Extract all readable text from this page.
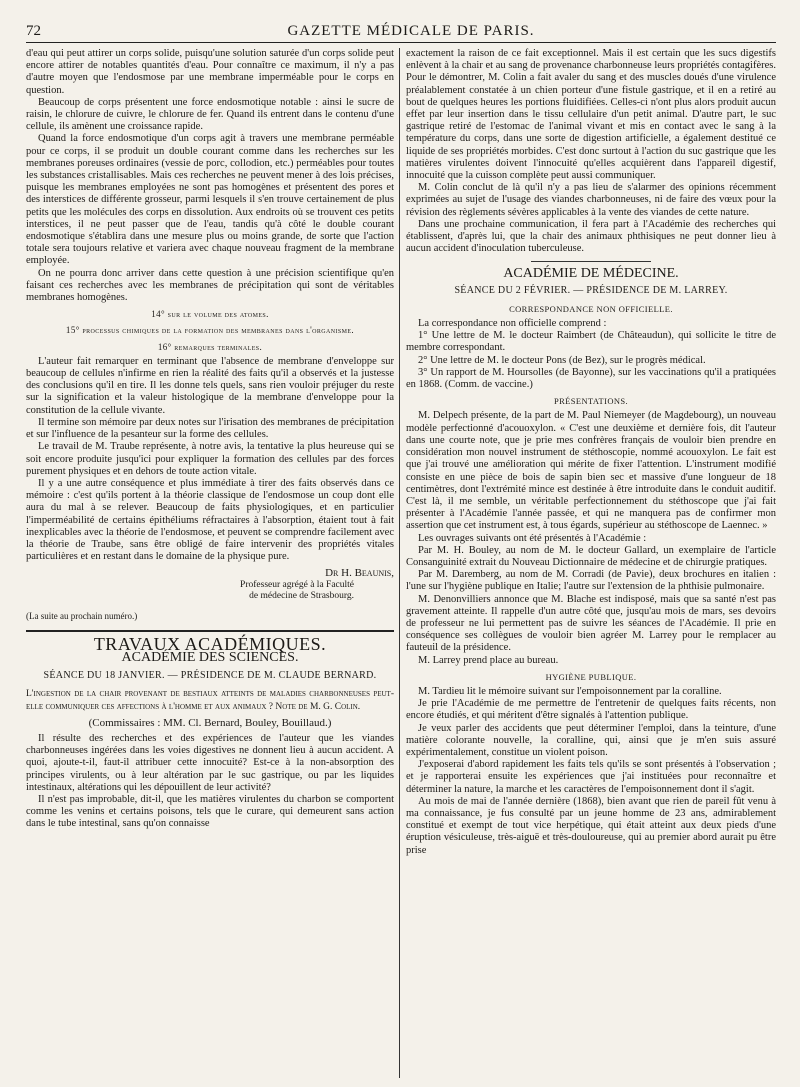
72	GAZETTE MÉDICALE DE PARIS.

d'eau qui peut attirer un corps solide, puisqu'une solution saturée d'un corps solide peut encore attirer de notables quantités d'eau. Pour connaître ce maximum, il n'y a pas d'autre moyen que l'endosmose par une membrane imperméable pour le corps en question.

Beaucoup de corps présentent une force endosmotique notable : ainsi le sucre de raisin, le chlorure de cuivre, le chlorure de fer. Quand ils entrent dans le contenu d'une cellule, ils amènent une croissance rapide.

Quand la force endosmotique d'un corps agit à travers une membrane perméable pour ce corps, il se produit un double courant comme dans les recherches sur les membranes poreuses ordinaires (vessie de porc, collodion, etc.) perméables pour toutes les substances cristallisables. Mais ces recherches ne peuvent mener à des lois précises, puisque les membranes employées ne sont pas homogènes et présentent des pores et des interstices de différente grosseur, parmi lesquels il s'en trouve certainement de plus petits que les molécules des corps en dissolution. Aux endroits où se trouvent ces petits interstices, il ne peut passer que de l'eau, tandis qu'à côté le double courant endosmotique s'établira dans une mesure plus ou moins grande, de sorte que l'action totale sera toujours relative et variera avec chaque nouveau fragment de la membrane employée.

On ne pourra donc arriver dans cette question à une précision scientifique qu'en faisant ces recherches avec les membranes de précipitation qui sont de véritables membranes homogènes.

14° sur le volume des atomes.
15° processus chimiques de la formation des membranes dans l'organisme.
16° remarques terminales.

L'auteur fait remarquer en terminant que l'absence de membrane d'enveloppe sur beaucoup de cellules n'infirme en rien la réalité des faits qu'il a observés et la justesse des conclusions qu'il en tire. Il les donne tels quels, sans rien vouloir préjuger du reste sur la signification et la valeur histologique de la membrane d'enveloppe pour la constitution de la cellule vivante.

Il termine son mémoire par deux notes sur l'irisation des membranes de précipitation et sur l'influence de la pesanteur sur la forme des cellules.

Le travail de M. Traube représente, à notre avis, la tentative la plus heureuse qui se soit encore produite jusqu'ici pour expliquer la formation des cellules par des forces purement physiques et en dehors de toute action vitale.

Il y a une autre conséquence et plus immédiate à tirer des faits observés dans ce mémoire : c'est qu'ils portent à la théorie classique de l'endosmose un coup dont elle aura du mal à se relever. Beaucoup de faits physiologiques, et en particulier l'imperméabilité de certains épithéliums réfractaires à l'absorption, étaient tout à fait inexplicables avec la théorie de l'endosmose, et peuvent se comprendre facilement avec la théorie de Traube, sans être obligé de faire intervenir des propriétés vitales particulières et en restant dans le domaine de la physique pure.

Dr H. Beaunis,
Professeur agrégé à la Faculté
de médecine de Strasbourg.
(La suite au prochain numéro.)
TRAVAUX ACADÉMIQUES.
ACADÉMIE DES SCIENCES.
SÉANCE DU 18 JANVIER. — PRÉSIDENCE DE M. CLAUDE BERNARD.

L'ingestion de la chair provenant de bestiaux atteints de maladies charbonneuses peut-elle communiquer ces affections à l'homme et aux animaux ? Note de M. G. Colin.

(Commissaires : MM. Cl. Bernard, Bouley, Bouillaud.)

Il résulte des recherches et des expériences de l'auteur que les viandes charbonneuses ingérées dans les voies digestives ne donnent lieu à aucun accident. A quoi, ajoute-t-il, faut-il attribuer cette innocuité? Est-ce à la non-absorption des principes virulents, ou à leur altération par le suc gastrique, ou par les liquides intestinaux, altérations qui les dépouillent de leur activité?

Il n'est pas improbable, dit-il, que les matières virulentes du charbon se comportent comme les venins et certains poisons, tels que le curare, qui demeurent sans action dans le tube intestinal, sans qu'on connaisse

exactement la raison de ce fait exceptionnel. Mais il est certain que les sucs digestifs enlèvent à la chair et au sang de provenance charbonneuse leurs propriétés contagifères. Pour le démontrer, M. Colin a fait avaler du sang et des muscles doués d'une virulence préalablement constatée à un chien porteur d'une fistule gastrique, et il en a retiré au bout de quelques heures les portions fluidifiées. Celles-ci n'ont plus alors produit aucun effet par leur insertion dans le tissu cellulaire d'un petit animal. D'autre part, le suc gastrique retiré de l'estomac de l'animal vivant et mis en contact avec le sang à la température du corps, dans une sorte de digestion artificielle, a également destitué ce liquide de ses propriétés morbides. C'est donc surtout à l'action du suc gastrique que les matières virulentes doivent l'innocuité qu'elles acquièrent dans l'appareil digestif, innocuité que la cuisson complète peut aussi communiquer.

M. Colin conclut de là qu'il n'y a pas lieu de s'alarmer des opinions récemment exprimées au sujet de l'usage des viandes charbonneuses, ni de faire des vœux pour la révision des règlements sévères applicables à la vente des viandes de cette nature.

Dans une prochaine communication, il fera part à l'Académie des recherches qui établissent, d'après lui, que la chair des animaux phthisiques ne peut donner lieu à aucun accident d'inoculation tuberculeuse.

ACADÉMIE DE MÉDECINE.
SÉANCE DU 2 FÉVRIER. — PRÉSIDENCE DE M. LARREY.
CORRESPONDANCE NON OFFICIELLE.

La correspondance non officielle comprend :

1° Une lettre de M. le docteur Raimbert (de Châteaudun), qui sollicite le titre de membre correspondant.

2° Une lettre de M. le docteur Pons (de Bez), sur le progrès médical.

3° Un rapport de M. Hoursolles (de Bayonne), sur les vaccinations qu'il a pratiquées en 1868. (Comm. de vaccine.)

PRÉSENTATIONS.

M. Delpech présente, de la part de M. Paul Niemeyer (de Magdebourg), un nouveau modèle perfectionné d'acouoxylon. « C'est une deuxième et dernière fois, dit l'auteur dans une courte note, que je prie mes confrères français de vouloir bien prendre en considération mon nouvel instrument de stéthoscopie, nommé acouoxylon. Le fait est que j'ai trouvé une amélioration qui mérite de fixer l'attention. L'instrument modifié consiste en une pièce de bois de sapin bien sec et massive d'une longueur de 18 centimètres, dont l'extrémité mince est destinée à être introduite dans le conduit auditif. C'est là, il me semble, un véritable perfectionnement du stéthoscope que j'ai fait présenter à l'Académie l'année passée, et qui ne manquera pas de confirmer mon assertion que cet instrument est, à tous égards, supérieur au stéthoscope de Laennec. »

Les ouvrages suivants ont été présentés à l'Académie :

Par M. H. Bouley, au nom de M. le docteur Gallard, un exemplaire de l'article Consanguinité extrait du Nouveau Dictionnaire de médecine et de chirurgie pratiques.

Par M. Daremberg, au nom de M. Corradi (de Pavie), deux brochures en italien : l'une sur l'hygiène publique en Italie; l'autre sur l'extension de la phthisie pulmonaire.

M. Denonvilliers annonce que M. Blache est indisposé, mais que sa santé n'est pas gravement atteinte. Il rappelle d'un autre côté que, jusqu'au mois de mars, ses devoirs de professeur ne lui permettent pas de suivre les séances de l'Académie. Il prie en conséquence ses collègues de vouloir bien agréer M. Larrey pour le remplacer au fauteuil de la présidence.

M. Larrey prend place au bureau.

HYGIÈNE PUBLIQUE.

M. Tardieu lit le mémoire suivant sur l'empoisonnement par la coralline.

Je prie l'Académie de me permettre de l'entretenir de quelques faits récents, non encore étudiés, et qui méritent d'être signalés à l'attention publique.

Je veux parler des accidents que peut déterminer l'emploi, dans la teinture, d'une matière colorante nouvelle, la coralline, qui, ainsi que je m'en suis assuré expérimentalement, constitue un violent poison.

J'exposerai d'abord rapidement les faits tels qu'ils se sont présentés à l'observation ; et je rapporterai ensuite les expériences que j'ai instituées pour reconnaître et déterminer la nature, la marche et les caractères de l'empoisonnement dont il s'agit.

Au mois de mai de l'année dernière (1868), bien avant que rien de pareil fût venu à ma connaissance, je fus consulté par un jeune homme de 23 ans, admirablement constitué et exempt de tout vice herpétique, qui était atteint aux deux pieds d'une éruption vésiculeuse, très-aiguë et très-douloureuse, qui au premier abord aurait pu être prise
